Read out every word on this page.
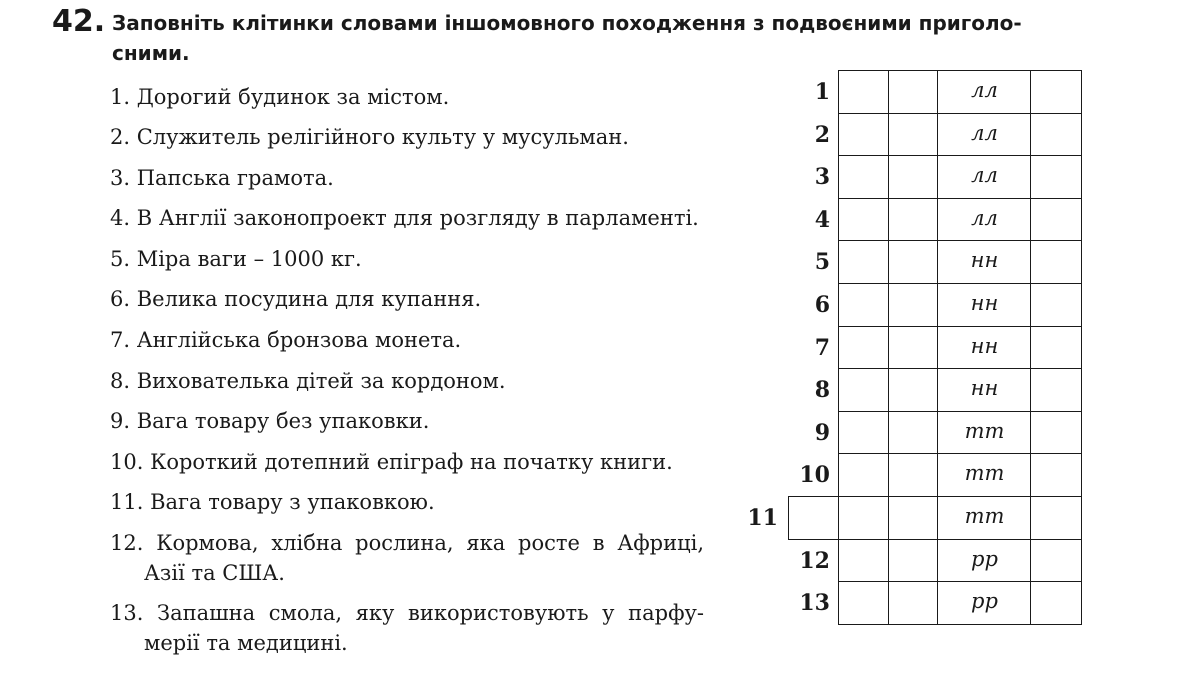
42. Заповніть клітинки словами іншомовного походження з подвоєними приголо-
сними.
1. Дорогий будинок за містом.
2. Служитель релігійного культу у мусульман.
3. Папська грамота.
4. В Англії законопроект для розгляду в парламенті.
5. Міра ваги – 1000 кг.
6. Велика посудина для купання.
7. Англійська бронзова монета.
8. Вихователька дітей за кордоном.
9. Вага товару без упаковки.
10. Короткий дотепний епіграф на початку книги.
11. Вага товару з упаковкою.
12. Кормова, хлібна рослина, яка росте в Африці,
Азії та США.
13. Запашна смола, яку використовують у парфу-
мерії та медицині.
1	лл
2	лл
3	лл
4	лл
5	нн
6	нн
7	нн
8	нн
9	тт
10	тт
11	тт
12	рр
13	рр
